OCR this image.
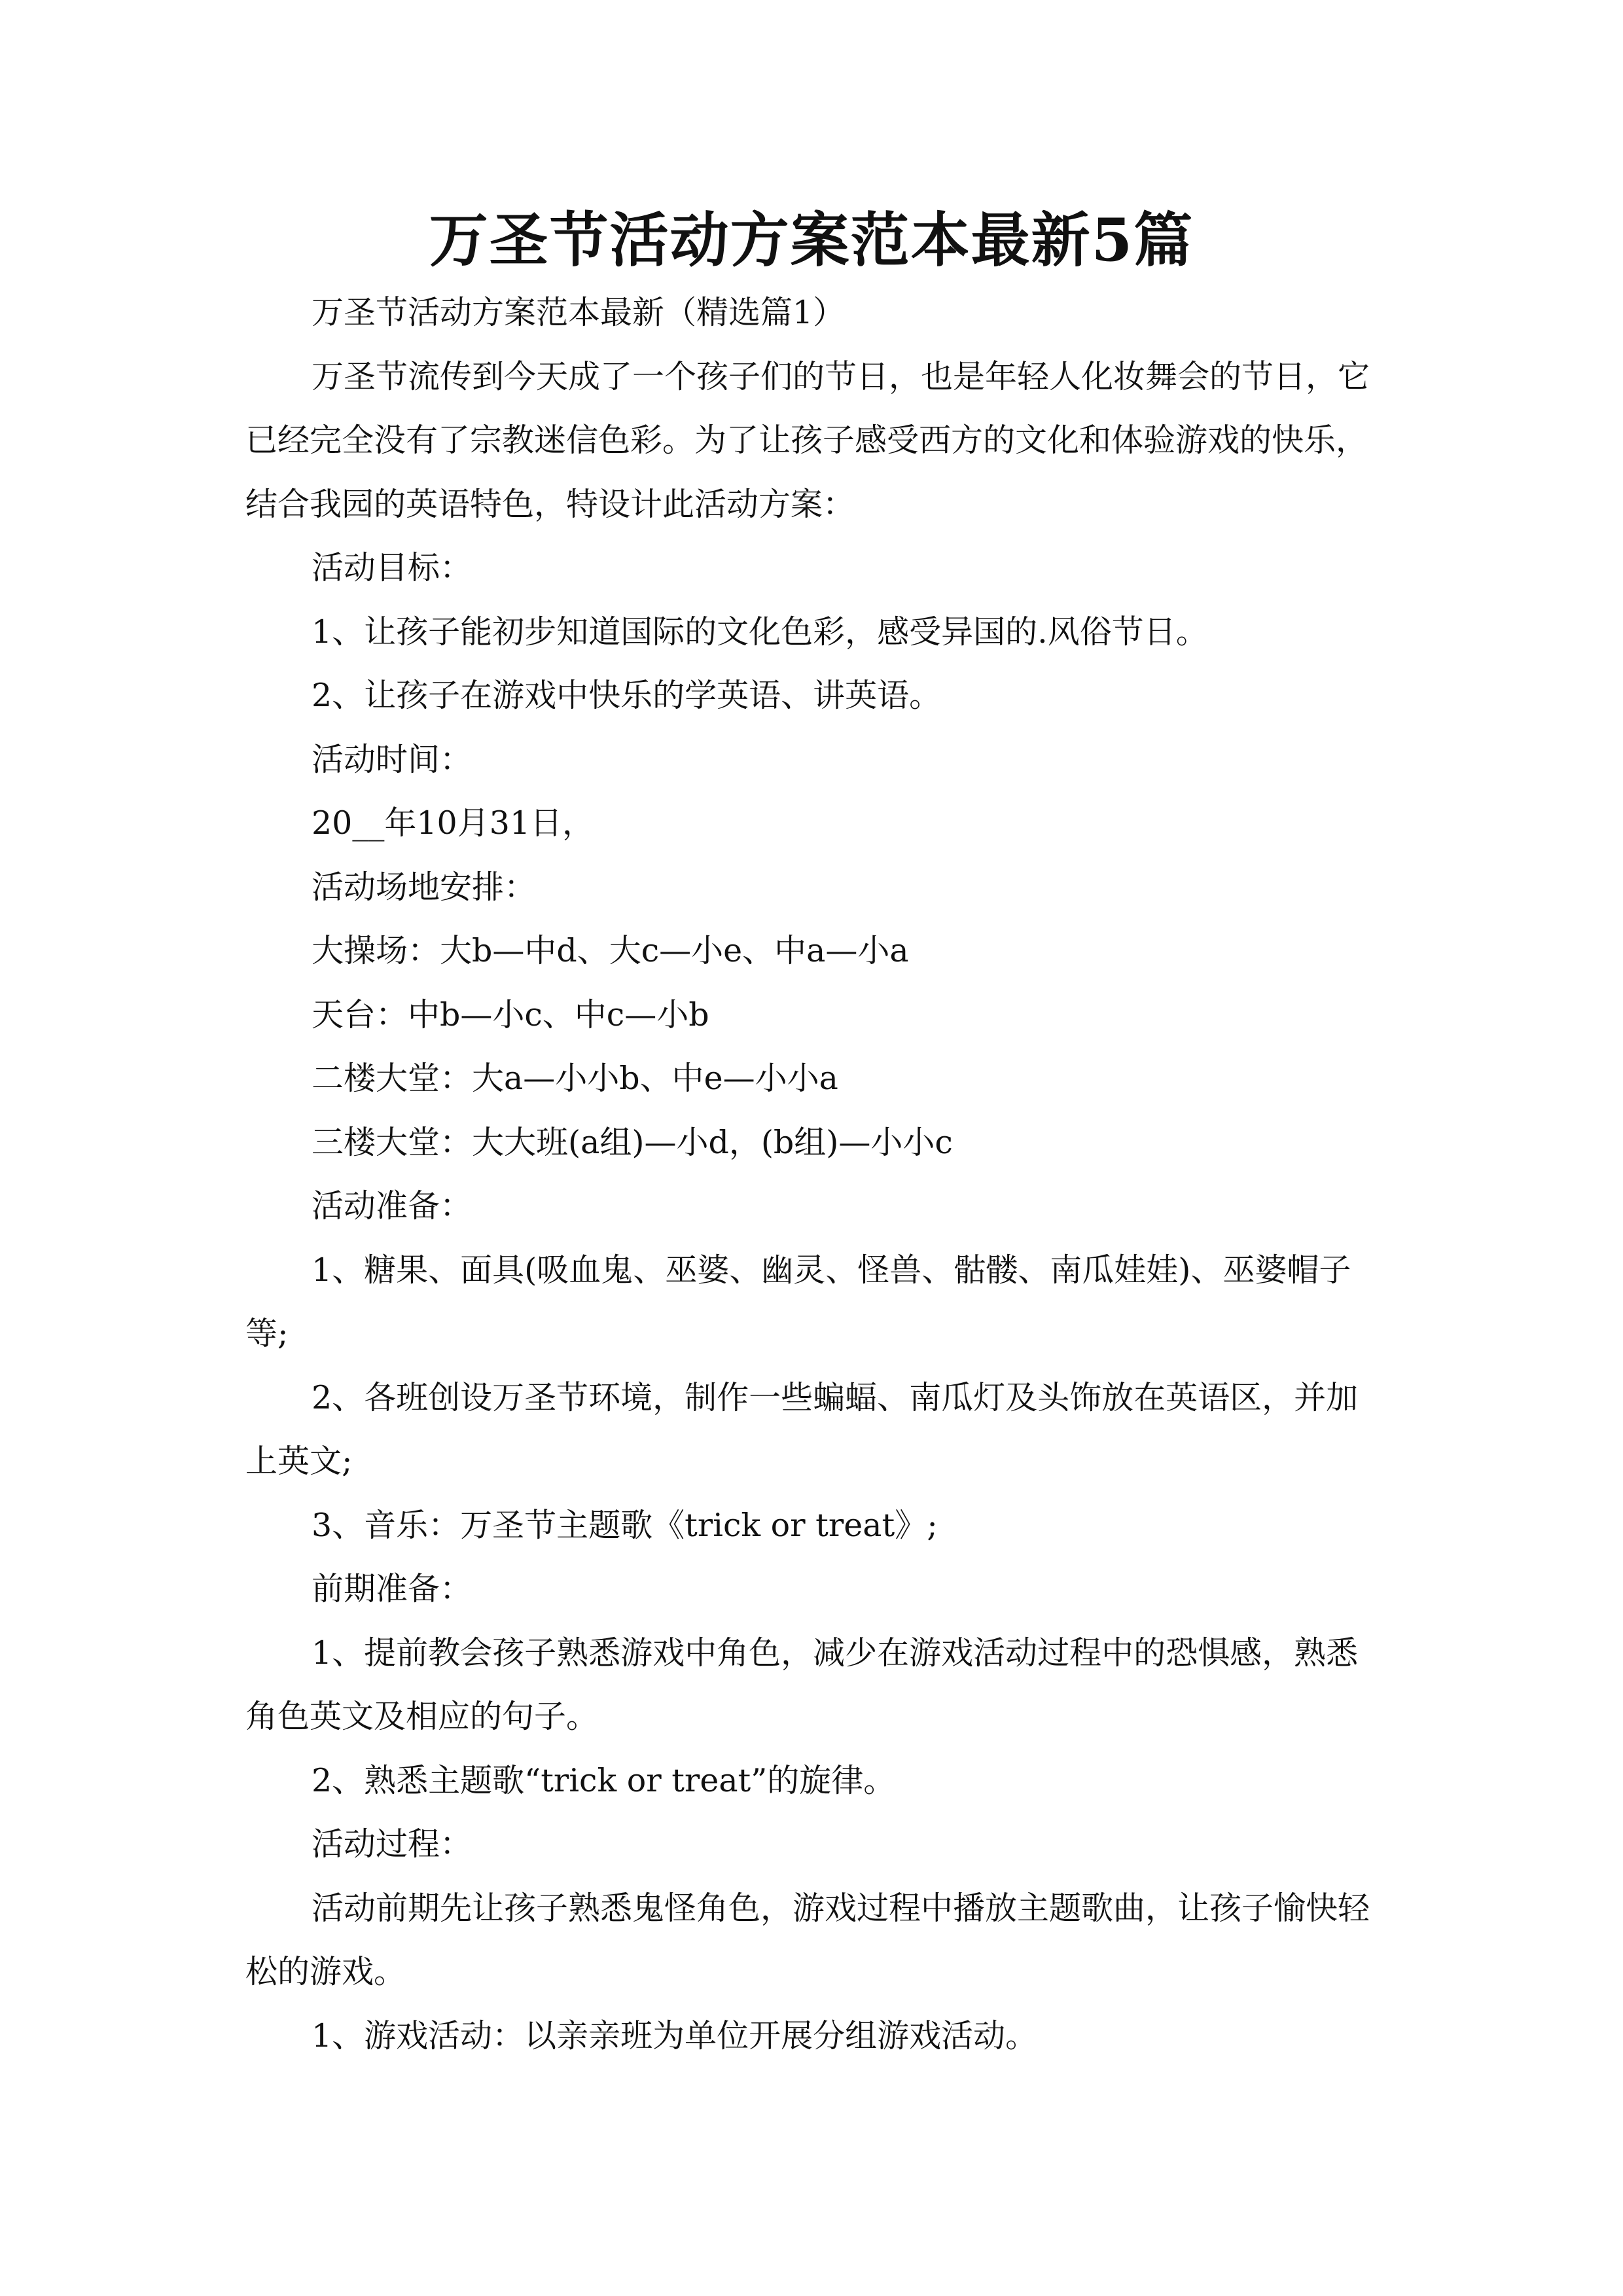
万圣节活动方案范本最新5篇
万圣节活动方案范本最新（精选篇1）
万圣节流传到今天成了一个孩子们的节日，也是年轻人化妆舞会的节日，它
已经完全没有了宗教迷信色彩。为了让孩子感受西方的文化和体验游戏的快乐，
结合我园的英语特色，特设计此活动方案：
活动目标：
1、让孩子能初步知道国际的文化色彩，感受异国的.风俗节日。
2、让孩子在游戏中快乐的学英语、讲英语。
活动时间：
20__年10月31日，
活动场地安排：
大操场：大b—中d、大c—小e、中a—小a
天台：中b—小c、中c—小b
二楼大堂：大a—小小b、中e—小小a
三楼大堂：大大班(a组)—小d，(b组)—小小c
活动准备：
1、糖果、面具(吸血鬼、巫婆、幽灵、怪兽、骷髅、南瓜娃娃)、巫婆帽子
等;
2、各班创设万圣节环境，制作一些蝙蝠、南瓜灯及头饰放在英语区，并加
上英文;
3、音乐：万圣节主题歌《trick or treat》;
前期准备：
1、提前教会孩子熟悉游戏中角色，减少在游戏活动过程中的恐惧感，熟悉
角色英文及相应的句子。
2、熟悉主题歌“trick or treat”的旋律。
活动过程：
活动前期先让孩子熟悉鬼怪角色，游戏过程中播放主题歌曲，让孩子愉快轻
松的游戏。
1、游戏活动：以亲亲班为单位开展分组游戏活动。
